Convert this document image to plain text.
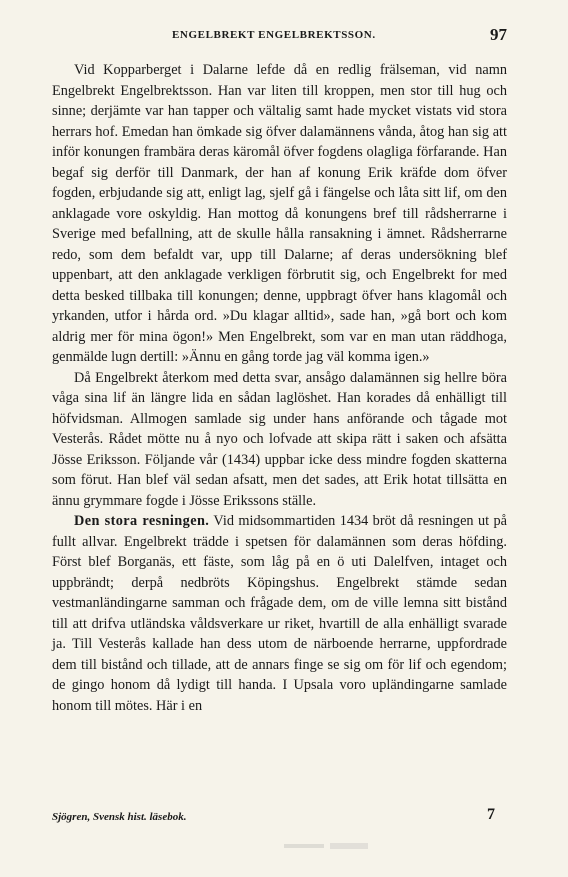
ENGELBREKT ENGELBREKTSSON.	97

Vid Kopparberget i Dalarne lefde då en redlig frälseman, vid namn Engelbrekt Engelbrektsson. Han var liten till kroppen, men stor till hug och sinne; derjämte var han tapper och vältalig samt hade mycket vistats vid stora herrars hof. Emedan han ömkade sig öfver dalamännens vånda, åtog han sig att inför konungen frambära deras käromål öfver fogdens olagliga förfarande. Han begaf sig derför till Danmark, der han af konung Erik kräfde dom öfver fogden, erbjudande sig att, enligt lag, sjelf gå i fängelse och låta sitt lif, om den anklagade vore oskyldig. Han mottog då konungens bref till rådsherrarne i Sverige med befallning, att de skulle hålla ransakning i ämnet. Rådsherrarne redo, som dem befaldt var, upp till Dalarne; af deras undersökning blef uppenbart, att den anklagade verkligen förbrutit sig, och Engelbrekt for med detta besked tillbaka till konungen; denne, uppbragt öfver hans klagomål och yrkanden, utfor i hårda ord. »Du klagar alltid», sade han, »gå bort och kom aldrig mer för mina ögon!» Men Engelbrekt, som var en man utan räddhoga, genmälde lugn dertill: »Ännu en gång torde jag väl komma igen.»

Då Engelbrekt återkom med detta svar, ansågo dalamännen sig hellre böra våga sina lif än längre lida en sådan laglöshet. Han korades då enhälligt till höfvidsman. Allmogen samlade sig under hans anförande och tågade mot Vesterås. Rådet mötte nu å nyo och lofvade att skipa rätt i saken och afsätta Jösse Eriksson. Följande vår (1434) uppbar icke dess mindre fogden skatterna som förut. Han blef väl sedan afsatt, men det sades, att Erik hotat tillsätta en ännu grymmare fogde i Jösse Erikssons ställe.

Den stora resningen. Vid midsommartiden 1434 bröt då resningen ut på fullt allvar. Engelbrekt trädde i spetsen för dalamännen som deras höfding. Först blef Borganäs, ett fäste, som låg på en ö uti Dalelfven, intaget och uppbrändt; derpå nedbröts Köpingshus. Engelbrekt stämde sedan vestmanländingarne samman och frågade dem, om de ville lemna sitt bistånd till att drifva utländska våldsverkare ur riket, hvartill de alla enhälligt svarade ja. Till Vesterås kallade han dess utom de närboende herrarne, uppfordrade dem till bistånd och tillade, att de annars finge se sig om för lif och egendom; de gingo honom då lydigt till handa. I Upsala voro upländingarne samlade honom till mötes. Här i en

Sjögren, Svensk hist. läsebok.	7
